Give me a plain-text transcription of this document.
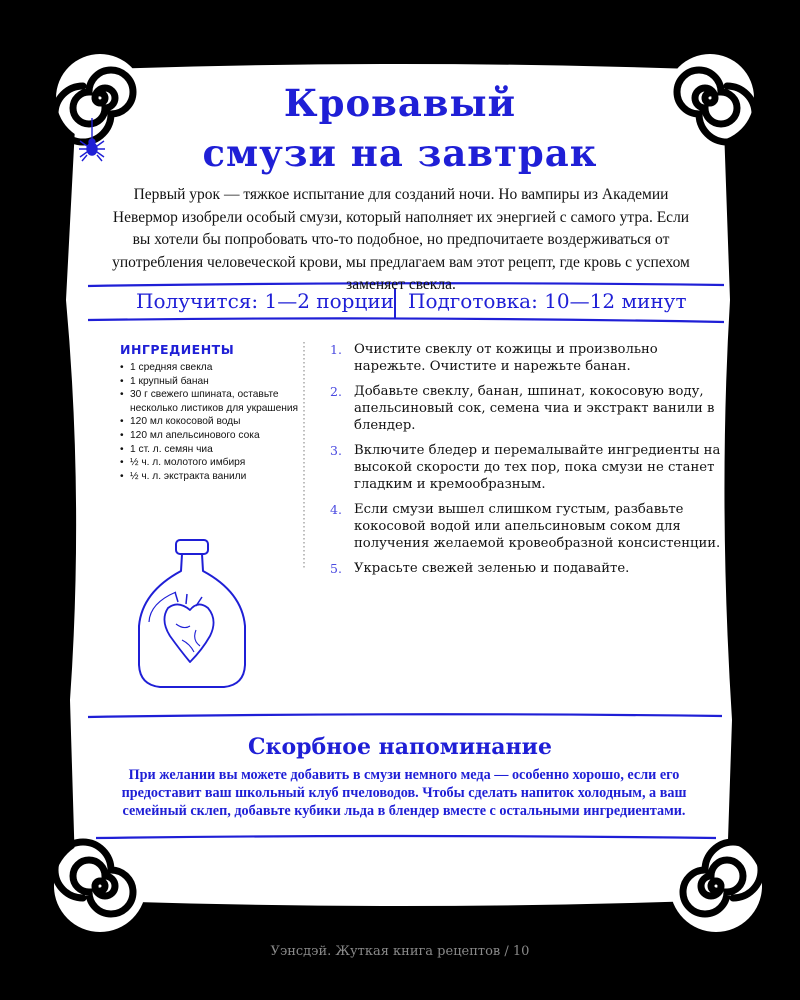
Кровавый
смузи на завтрак

Первый урок — тяжкое испытание для созданий ночи. Но вампиры из Академии Невермор изобрели особый смузи, который наполняет их энергией с самого утра. Если вы хотели бы попробовать что-то подобное, но предпочитаете воздерживаться от употребления человеческой крови, мы предлагаем вам этот рецепт, где кровь с успехом заменяет свекла.

Получится: 1—2 порции Подготовка: 10—12 минут
ИНГРЕДИЕНТЫ
• 1 средняя свекла
• 1 крупный банан
• 30 г свежего шпината, оставьте несколько листиков для украшения
• 120 мл кокосовой воды
• 120 мл апельсинового сока
• 1 ст. л. семян чиа
• ½ ч. л. молотого имбиря
• ½ ч. л. экстракта ванили
1. Очистите свеклу от кожицы и произвольно нарежьте. Очистите и нарежьте банан.
2. Добавьте свеклу, банан, шпинат, кокосовую воду, апельсиновый сок, семена чиа и экстракт ванили в блендер.
3. Включите бледер и перемалывайте ингредиенты на высокой скорости до тех пор, пока смузи не станет гладким и кремообразным.
4. Если смузи вышел слишком густым, разбавьте кокосовой водой или апельсиновым соком для получения желаемой кровеобразной консистенции.
5. Украсьте свежей зеленью и подавайте.
Скорбное напоминание

При желании вы можете добавить в смузи немного меда — особенно хорошо, если его предоставит ваш школьный клуб пчеловодов. Чтобы сделать напиток холодным, а ваш семейный склеп, добавьте кубики льда в блендер вместе с остальными ингредиентами.

Уэнсдэй. Жуткая книга рецептов / 10
